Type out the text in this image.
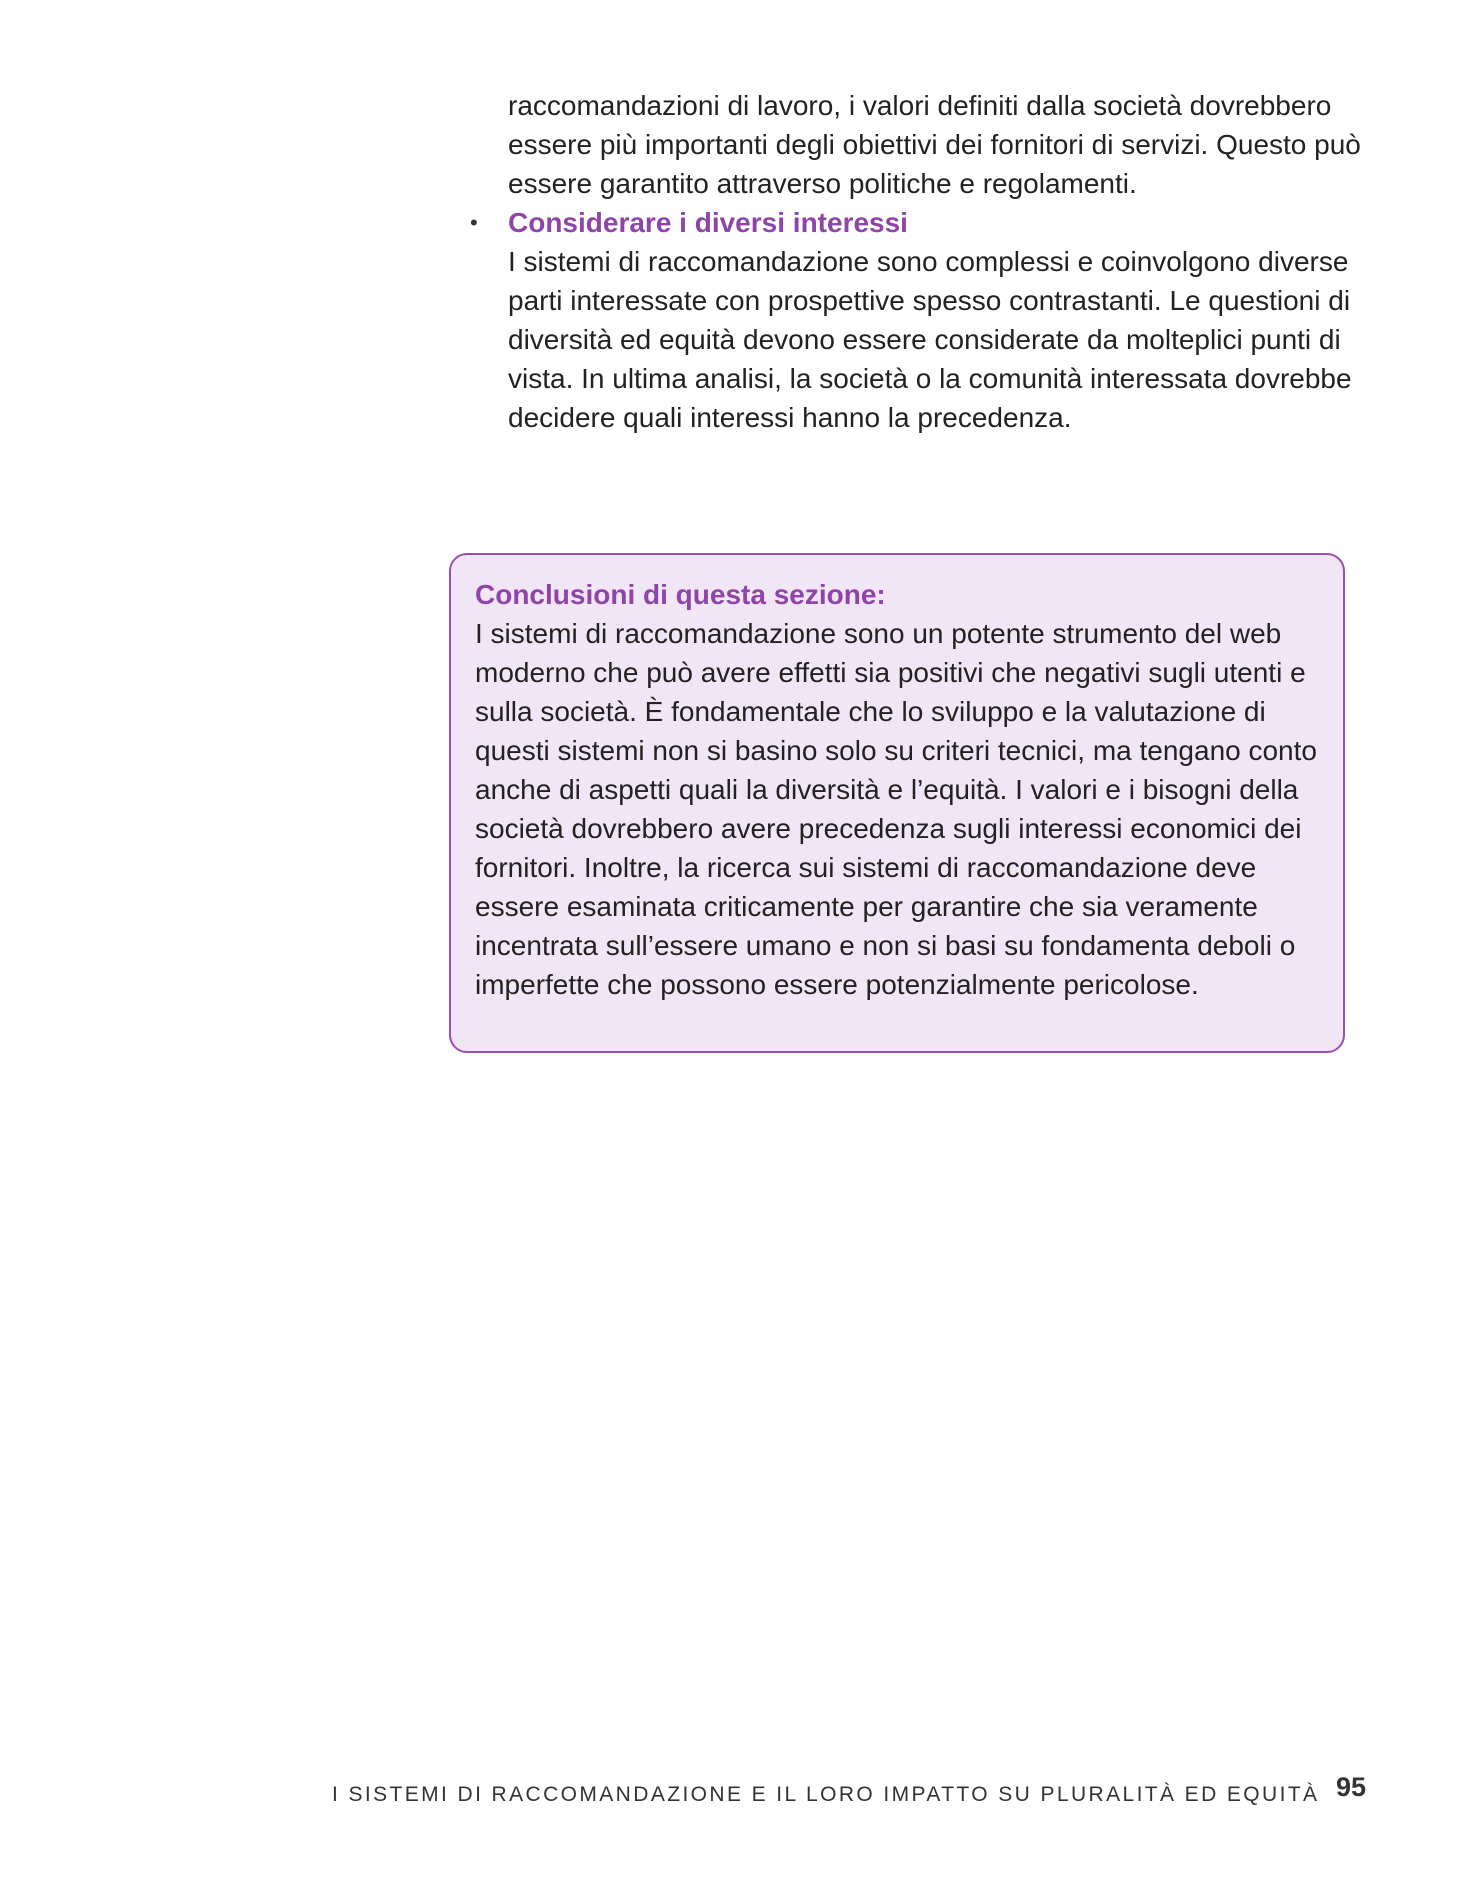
raccomandazioni di lavoro, i valori definiti dalla società dovrebbero essere più importanti degli obiettivi dei fornitori di servizi. Questo può essere garantito attraverso politiche e regolamenti.

• Considerare i diversi interessi

I sistemi di raccomandazione sono complessi e coinvolgono diverse parti interessate con prospettive spesso contrastanti. Le questioni di diversità ed equità devono essere considerate da molteplici punti di vista. In ultima analisi, la società o la comunità interessata dovrebbe decidere quali interessi hanno la precedenza.

Conclusioni di questa sezione:

I sistemi di raccomandazione sono un potente strumento del web moderno che può avere effetti sia positivi che negativi sugli utenti e sulla società. È fondamentale che lo sviluppo e la valutazione di questi sistemi non si basino solo su criteri tecnici, ma tengano conto anche di aspetti quali la diversità e l’equità. I valori e i bisogni della società dovrebbero avere precedenza sugli interessi economici dei fornitori. Inoltre, la ricerca sui sistemi di raccomandazione deve essere esaminata criticamente per garantire che sia veramente incentrata sull’essere umano e non si basi su fondamenta deboli o imperfette che possono essere potenzialmente pericolose.

I SISTEMI DI RACCOMANDAZIONE E IL LORO IMPATTO SU PLURALITÀ ED EQUITÀ 95
